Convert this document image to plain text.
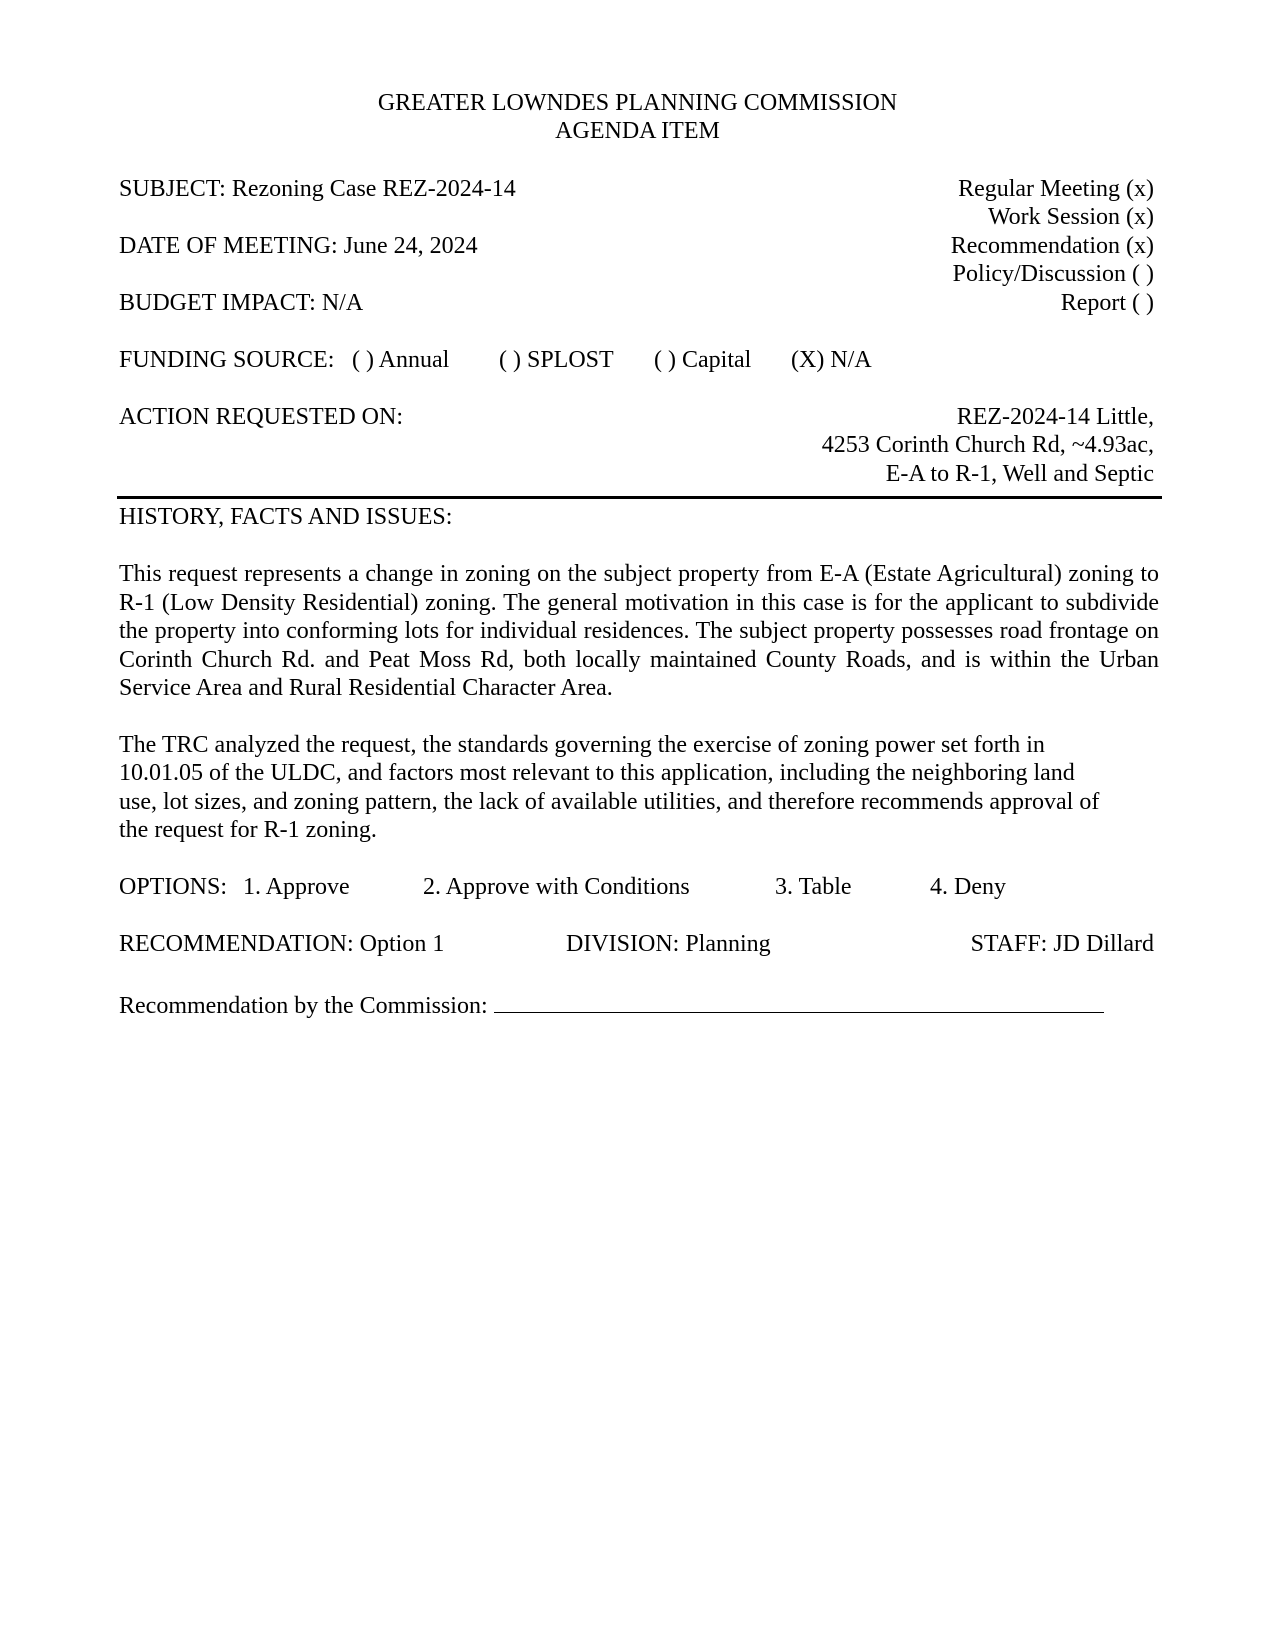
GREATER LOWNDES PLANNING COMMISSION
AGENDA ITEM
SUBJECT: Rezoning Case REZ-2024-14
DATE OF MEETING: June 24, 2024
BUDGET IMPACT: N/A
Regular Meeting (x)
Work Session (x)
Recommendation (x)
Policy/Discussion ( )
Report ( )
FUNDING SOURCE: ( ) Annual ( ) SPLOST ( ) Capital (X) N/A
ACTION REQUESTED ON:	REZ-2024-14 Little,
4253 Corinth Church Rd, ~4.93ac,
E-A to R-1, Well and Septic
HISTORY, FACTS AND ISSUES:
This request represents a change in zoning on the subject property from E-A (Estate Agricultural) zoning to R-1 (Low Density Residential) zoning. The general motivation in this case is for the applicant to subdivide the property into conforming lots for individual residences. The subject property possesses road frontage on Corinth Church Rd. and Peat Moss Rd, both locally maintained County Roads, and is within the Urban Service Area and Rural Residential Character Area.
The TRC analyzed the request, the standards governing the exercise of zoning power set forth in
10.01.05 of the ULDC, and factors most relevant to this application, including the neighboring land
use, lot sizes, and zoning pattern, the lack of available utilities, and therefore recommends approval of
the request for R-1 zoning.
OPTIONS: 1. Approve	2. Approve with Conditions	3. Table	4. Deny
RECOMMENDATION: Option 1	DIVISION: Planning	STAFF: JD Dillard
Recommendation by the Commission:
